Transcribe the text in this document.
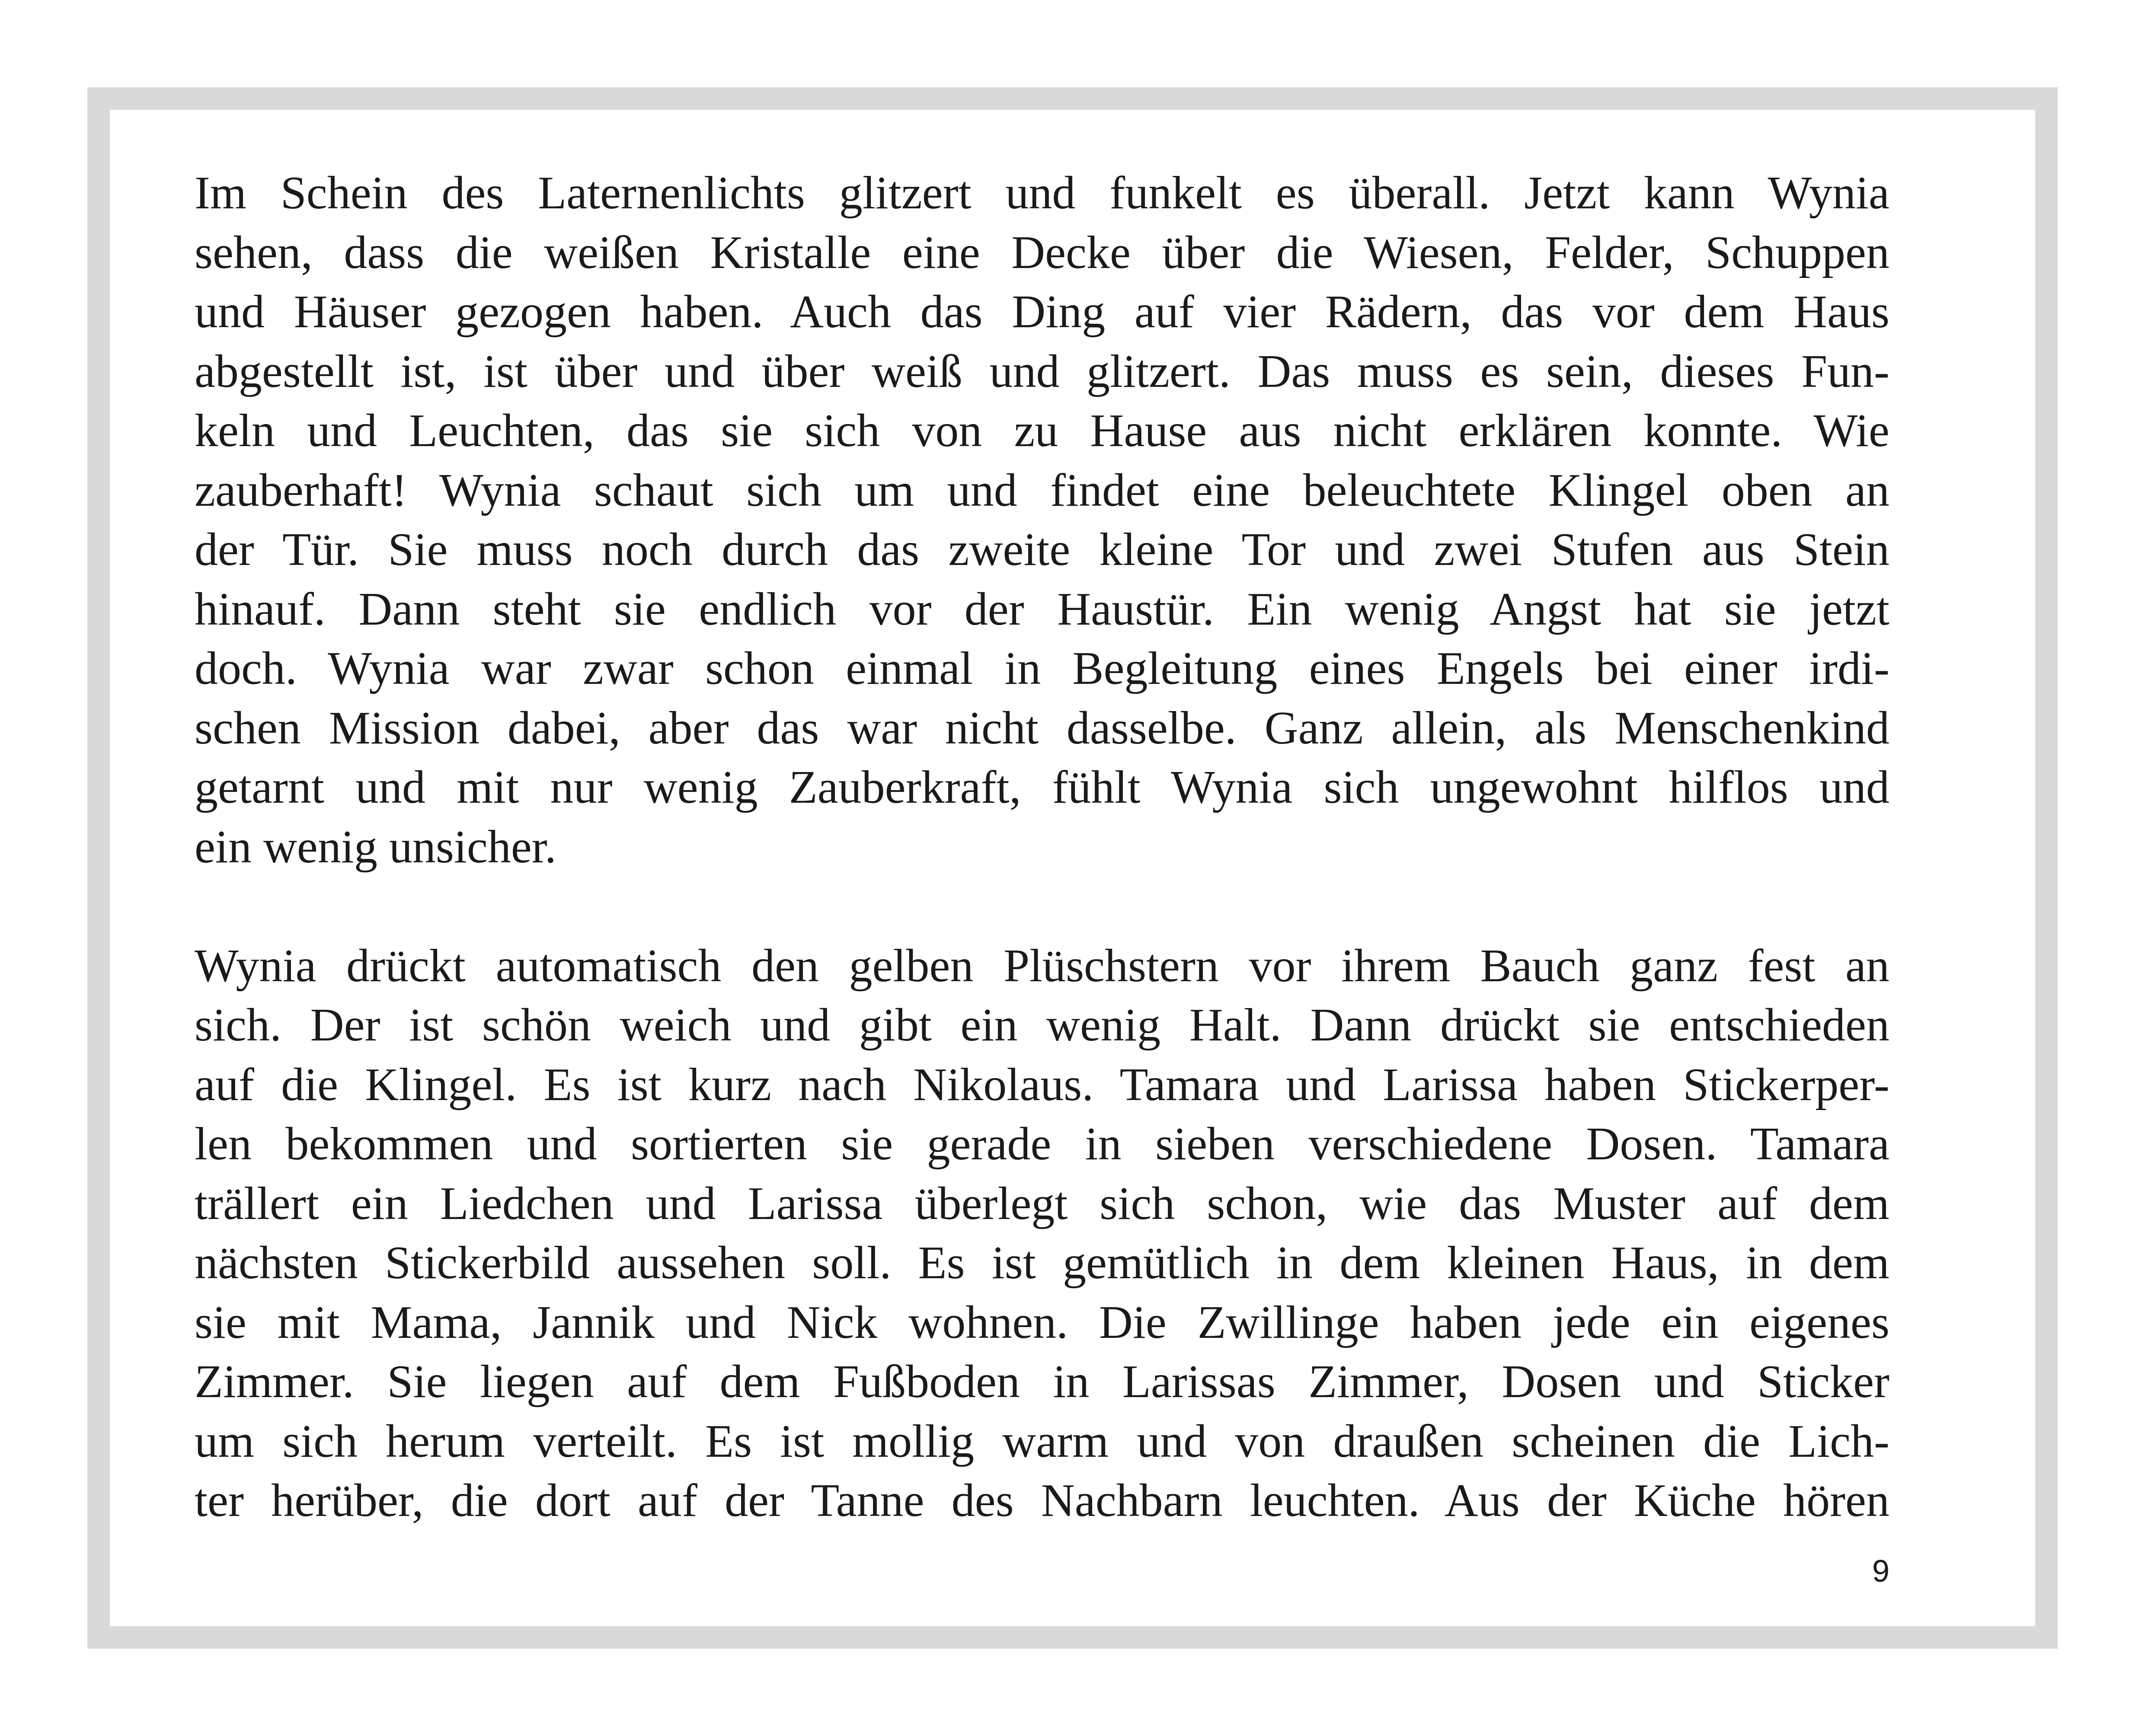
Im Schein des Laternenlichts glitzert und funkelt es überall. Jetzt kann Wynia
sehen, dass die weißen Kristalle eine Decke über die Wiesen, Felder, Schuppen
und Häuser gezogen haben. Auch das Ding auf vier Rädern, das vor dem Haus
abgestellt ist, ist über und über weiß und glitzert. Das muss es sein, dieses Fun-
keln und Leuchten, das sie sich von zu Hause aus nicht erklären konnte. Wie
zauberhaft! Wynia schaut sich um und findet eine beleuchtete Klingel oben an
der Tür. Sie muss noch durch das zweite kleine Tor und zwei Stufen aus Stein
hinauf. Dann steht sie endlich vor der Haustür. Ein wenig Angst hat sie jetzt
doch. Wynia war zwar schon einmal in Begleitung eines Engels bei einer irdi-
schen Mission dabei, aber das war nicht dasselbe. Ganz allein, als Menschenkind
getarnt und mit nur wenig Zauberkraft, fühlt Wynia sich ungewohnt hilflos und
ein wenig unsicher.

Wynia drückt automatisch den gelben Plüschstern vor ihrem Bauch ganz fest an
sich. Der ist schön weich und gibt ein wenig Halt. Dann drückt sie entschieden
auf die Klingel. Es ist kurz nach Nikolaus. Tamara und Larissa haben Stickerper-
len bekommen und sortierten sie gerade in sieben verschiedene Dosen. Tamara
trällert ein Liedchen und Larissa überlegt sich schon, wie das Muster auf dem
nächsten Stickerbild aussehen soll. Es ist gemütlich in dem kleinen Haus, in dem
sie mit Mama, Jannik und Nick wohnen. Die Zwillinge haben jede ein eigenes
Zimmer. Sie liegen auf dem Fußboden in Larissas Zimmer, Dosen und Sticker
um sich herum verteilt. Es ist mollig warm und von draußen scheinen die Lich-
ter herüber, die dort auf der Tanne des Nachbarn leuchten. Aus der Küche hören

9
